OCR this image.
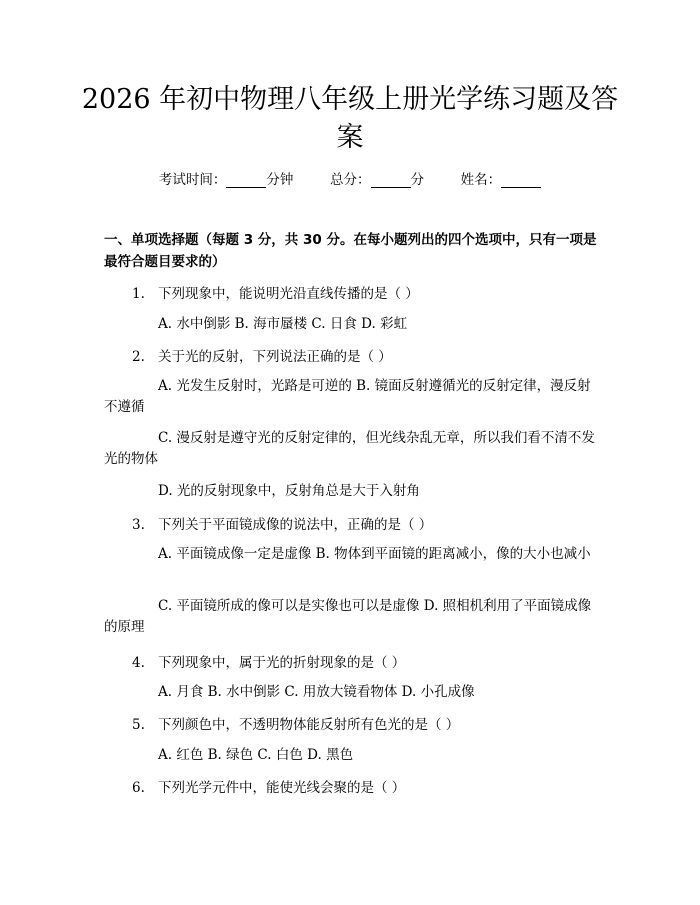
2026 年初中物理八年级上册光学练习题及答
案
考试时间：	分钟	总分：	分	姓名：
一、单项选择题（每题 3 分，共 30 分。在每小题列出的四个选项中，只有一项是最符合题目要求的）
1. 下列现象中，能说明光沿直线传播的是（ ）
A. 水中倒影 B. 海市蜃楼 C. 日食 D. 彩虹
2. 关于光的反射，下列说法正确的是（ ）
A. 光发生反射时，光路是可逆的 B. 镜面反射遵循光的反射定律，漫反射不遵循
C. 漫反射是遵守光的反射定律的，但光线杂乱无章，所以我们看不清不发光的物体
D. 光的反射现象中，反射角总是大于入射角
3. 下列关于平面镜成像的说法中，正确的是（ ）
A. 平面镜成像一定是虚像 B. 物体到平面镜的距离减小，像的大小也减小
C. 平面镜所成的像可以是实像也可以是虚像 D. 照相机利用了平面镜成像的原理
4. 下列现象中，属于光的折射现象的是（ ）
A. 月食 B. 水中倒影 C. 用放大镜看物体 D. 小孔成像
5. 下列颜色中，不透明物体能反射所有色光的是（ ）
A. 红色 B. 绿色 C. 白色 D. 黑色
6. 下列光学元件中，能使光线会聚的是（ ）
